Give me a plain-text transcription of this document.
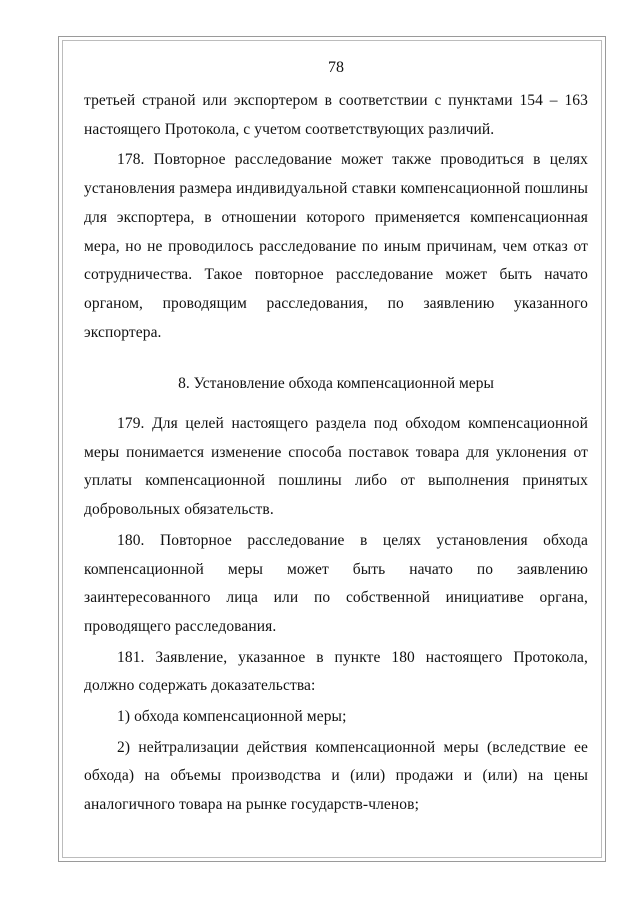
78

третьей страной или экспортером в соответствии с пунктами 154 – 163 настоящего Протокола, с учетом соответствующих различий.

178. Повторное расследование может также проводиться в целях установления размера индивидуальной ставки компенсационной пошлины для экспортера, в отношении которого применяется компенсационная мера, но не проводилось расследование по иным причинам, чем отказ от сотрудничества. Такое повторное расследование может быть начато органом, проводящим расследования, по заявлению указанного экспортера.

8. Установление обхода компенсационной меры

179. Для целей настоящего раздела под обходом компенсационной меры понимается изменение способа поставок товара для уклонения от уплаты компенсационной пошлины либо от выполнения принятых добровольных обязательств.

180. Повторное расследование в целях установления обхода компенсационной меры может быть начато по заявлению заинтересованного лица или по собственной инициативе органа, проводящего расследования.

181. Заявление, указанное в пункте 180 настоящего Протокола, должно содержать доказательства:

1) обхода компенсационной меры;

2) нейтрализации действия компенсационной меры (вследствие ее обхода) на объемы производства и (или) продажи и (или) на цены аналогичного товара на рынке государств-членов;
